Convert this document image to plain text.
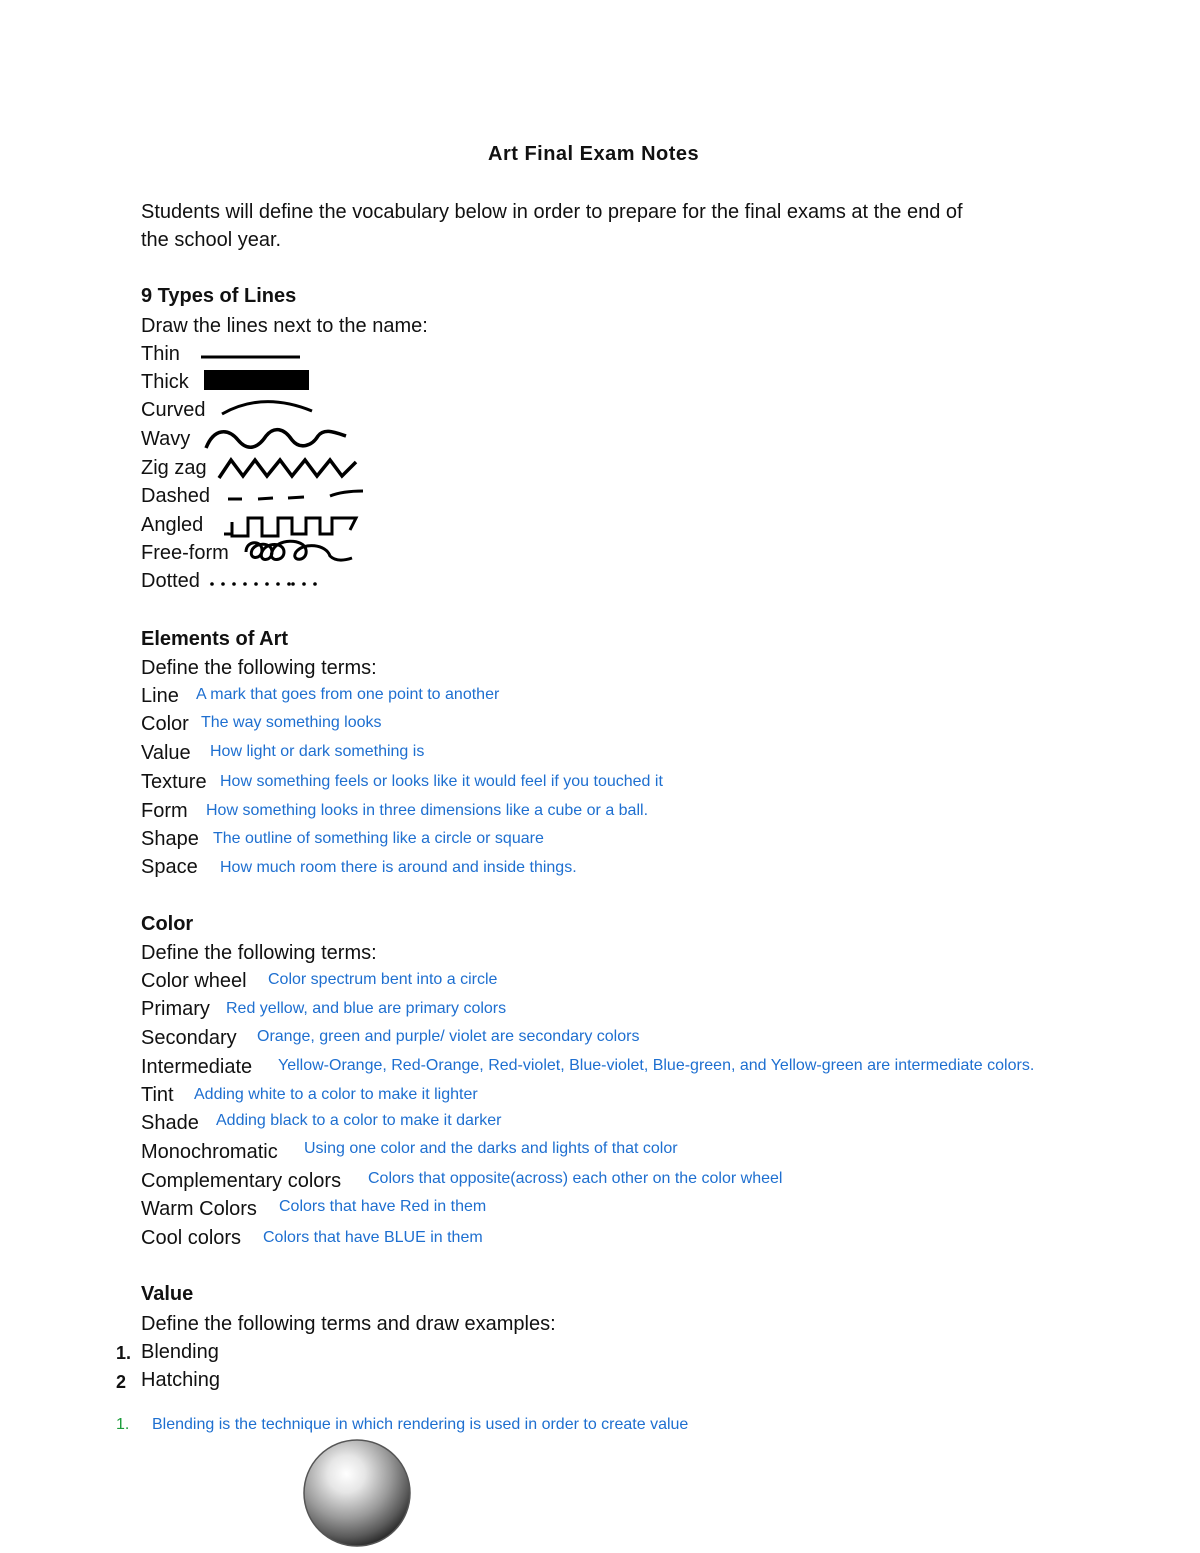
Art Final Exam Notes
Students will define the vocabulary below in order to prepare for the final exams at the end of
the school year.
9 Types of Lines
Draw the lines next to the name:
Thin
Thick
Curved
Wavy
Zig zag
Dashed
Angled
Free-form
Dotted
Elements of Art
Define the following terms:
Line A mark that goes from one point to another
Color The way something looks
Value How light or dark something is
Texture How something feels or looks like it would feel if you touched it
Form How something looks in three dimensions like a cube or a ball.
Shape The outline of something like a circle or square
Space How much room there is around and inside things.
Color
Define the following terms:
Color wheel Color spectrum bent into a circle
Primary Red yellow, and blue are primary colors
Secondary Orange, green and purple/ violet are secondary colors
Intermediate Yellow-Orange, Red-Orange, Red-violet, Blue-violet, Blue-green, and Yellow-green are intermediate colors.
Tint Adding white to a color to make it lighter
Shade Adding black to a color to make it darker
Monochromatic Using one color and the darks and lights of that color
Complementary colors Colors that opposite(across) each other on the color wheel
Warm Colors Colors that have Red in them
Cool colors Colors that have BLUE in them
Value
Define the following terms and draw examples:
1. Blending
2 Hatching
1. Blending is the technique in which rendering is used in order to create value
